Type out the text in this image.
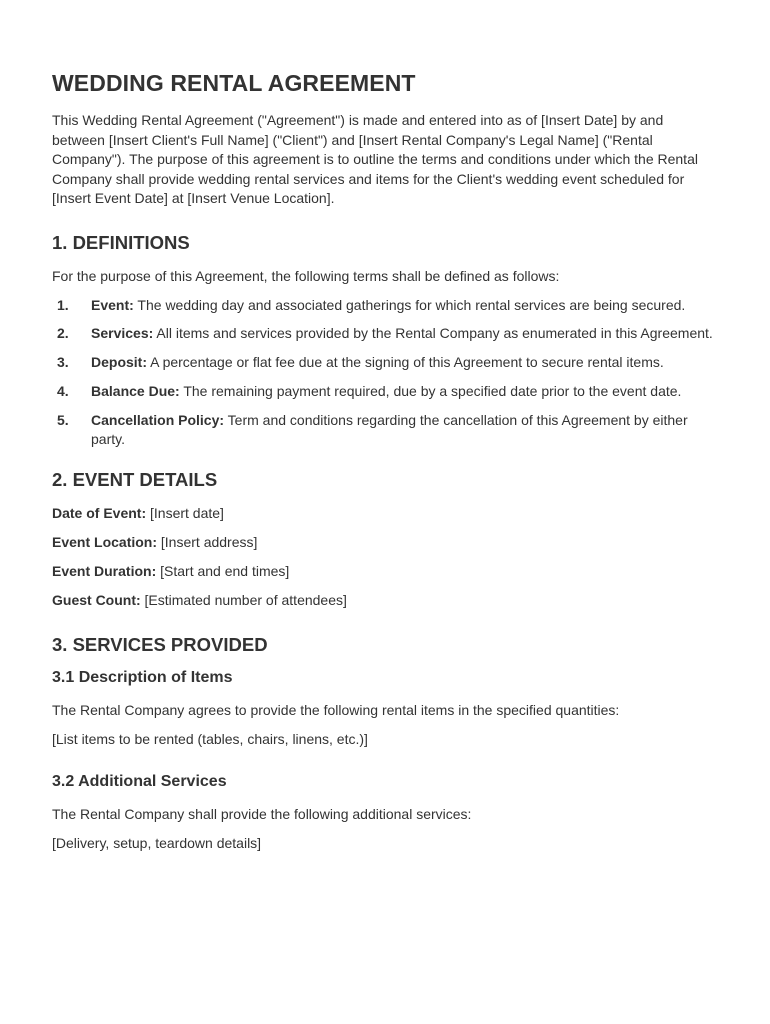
WEDDING RENTAL AGREEMENT

This Wedding Rental Agreement ("Agreement") is made and entered into as of [Insert Date] by and between [Insert Client's Full Name] ("Client") and [Insert Rental Company's Legal Name] ("Rental Company"). The purpose of this agreement is to outline the terms and conditions under which the Rental Company shall provide wedding rental services and items for the Client's wedding event scheduled for [Insert Event Date] at [Insert Venue Location].

1. DEFINITIONS

For the purpose of this Agreement, the following terms shall be defined as follows:

1. Event: The wedding day and associated gatherings for which rental services are being secured.
2. Services: All items and services provided by the Rental Company as enumerated in this Agreement.
3. Deposit: A percentage or flat fee due at the signing of this Agreement to secure rental items.
4. Balance Due: The remaining payment required, due by a specified date prior to the event date.
5. Cancellation Policy: Term and conditions regarding the cancellation of this Agreement by either party.
2. EVENT DETAILS

Date of Event: [Insert date]

Event Location: [Insert address]

Event Duration: [Start and end times]

Guest Count: [Estimated number of attendees]

3. SERVICES PROVIDED
3.1 Description of Items

The Rental Company agrees to provide the following rental items in the specified quantities:

[List items to be rented (tables, chairs, linens, etc.)]

3.2 Additional Services

The Rental Company shall provide the following additional services:

[Delivery, setup, teardown details]
